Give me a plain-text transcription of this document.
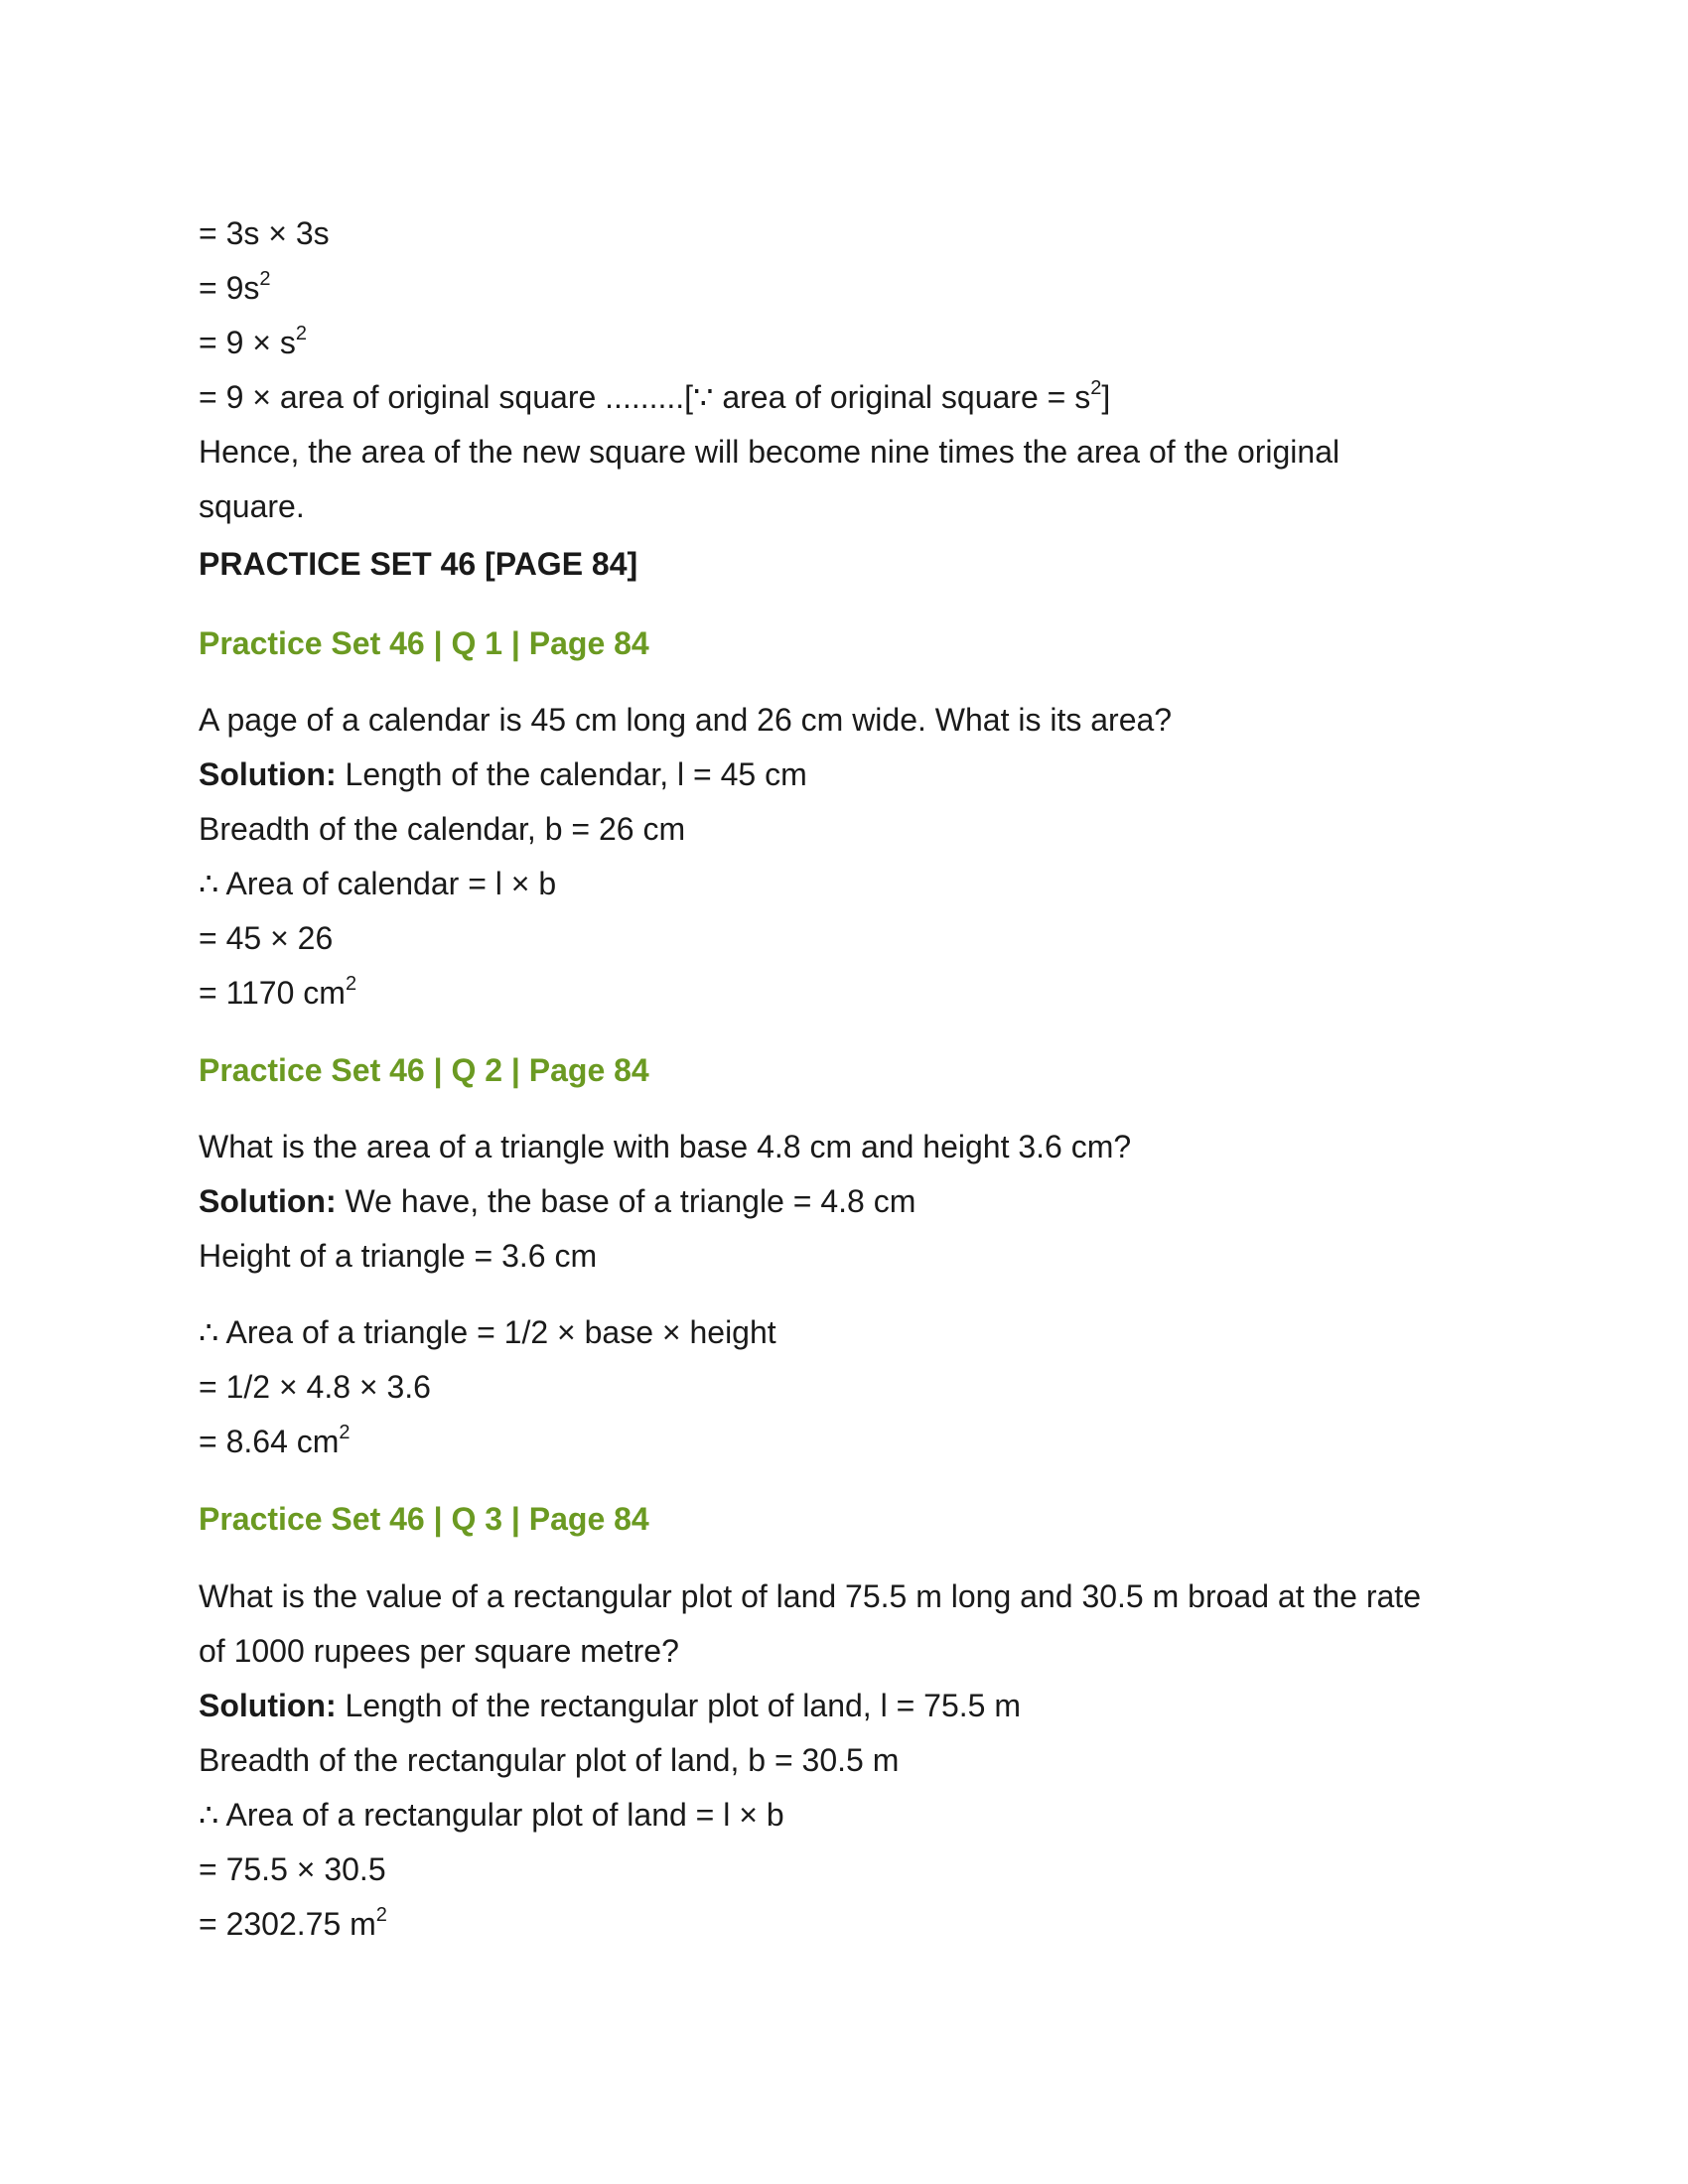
= 3s × 3s
= $9s^2$
= $9 \times s^2$
= 9 × area of original square .........[∵ area of original square = $s^2$]
Hence, the area of the new square will become nine times the area of the original
square.
PRACTICE SET 46 [PAGE 84]
Practice Set 46 | Q 1 | Page 84
A page of a calendar is 45 cm long and 26 cm wide. What is its area?
Solution: Length of the calendar, l = 45 cm
Breadth of the calendar, b = 26 cm
∴ Area of calendar = l × b
= 45 × 26
= 1170 $cm^2$
Practice Set 46 | Q 2 | Page 84
What is the area of a triangle with base 4.8 cm and height 3.6 cm?
Solution: We have, the base of a triangle = 4.8 cm
Height of a triangle = 3.6 cm
∴ Area of a triangle = 1/2 × base × height
= 1/2 × 4.8 × 3.6
= 8.64 $cm^2$
Practice Set 46 | Q 3 | Page 84
What is the value of a rectangular plot of land 75.5 m long and 30.5 m broad at the rate
of 1000 rupees per square metre?
Solution: Length of the rectangular plot of land, l = 75.5 m
Breadth of the rectangular plot of land, b = 30.5 m
∴ Area of a rectangular plot of land = l × b
= 75.5 × 30.5
= 2302.75 $m^2$
